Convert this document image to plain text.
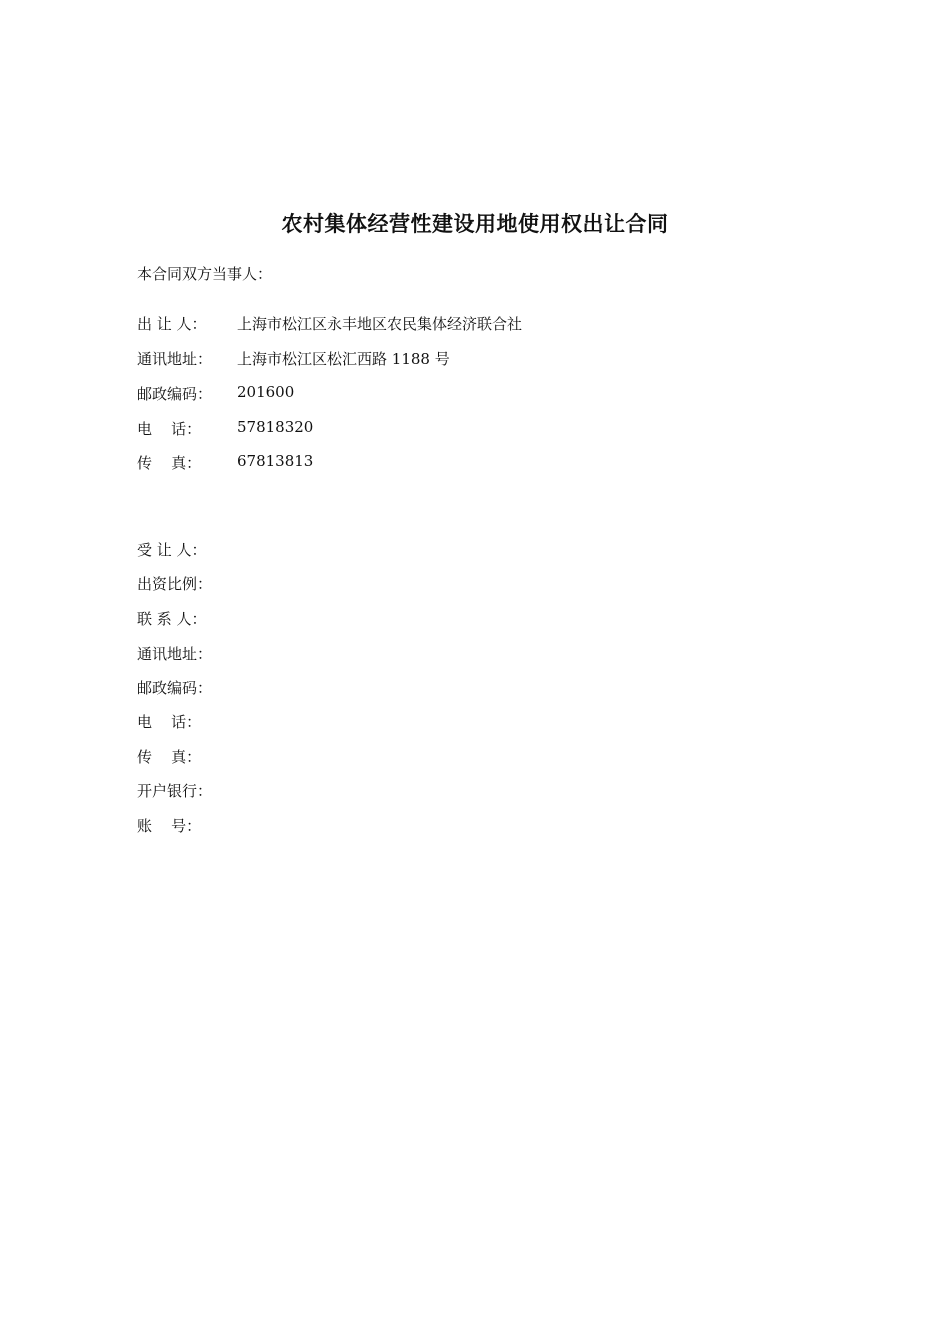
农村集体经营性建设用地使用权出让合同
本合同双方当事人：
出 让 人： 上海市松江区永丰地区农民集体经济联合社
通讯地址： 上海市松江区松汇西路 1188 号
邮政编码： 201600
电    话： 57818320
传    真： 67813813
受 让 人：
出资比例：
联 系 人：
通讯地址：
邮政编码：
电    话：
传    真：
开户银行：
账    号：
